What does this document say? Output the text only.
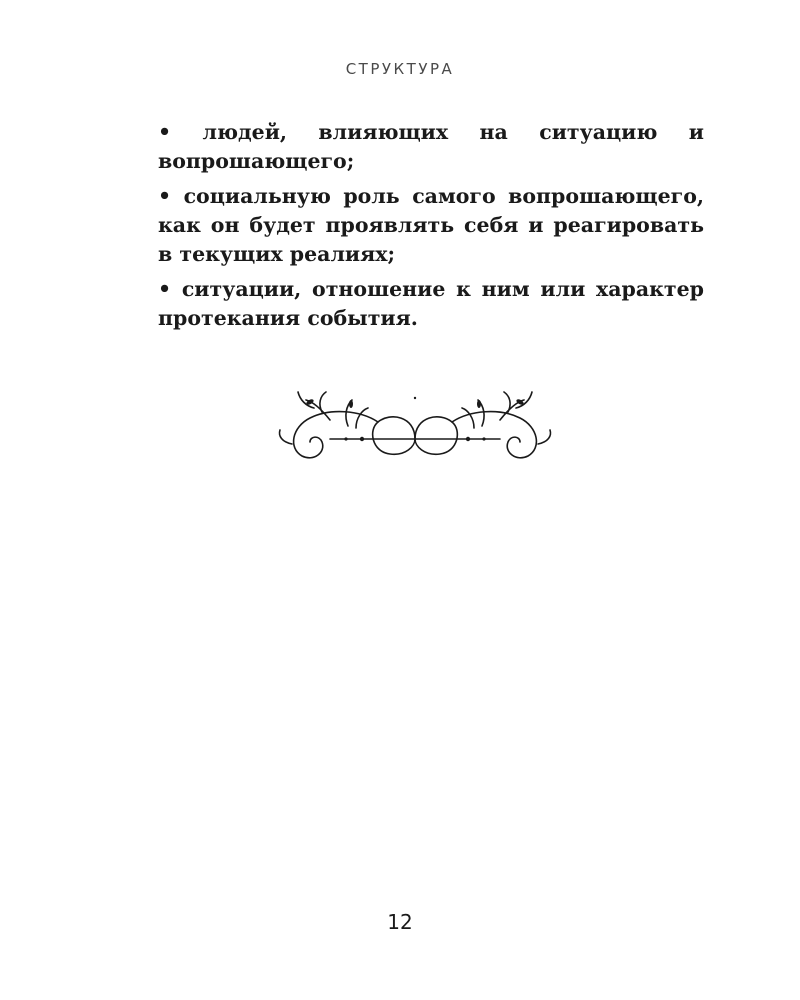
СТРУКТУРА

• людей, влияющих на ситуацию и вопрошающего;

• социальную роль самого вопрошающего, как он будет проявлять себя и реагировать в текущих реалиях;

• ситуации, отношение к ним или характер протекания события.

12
